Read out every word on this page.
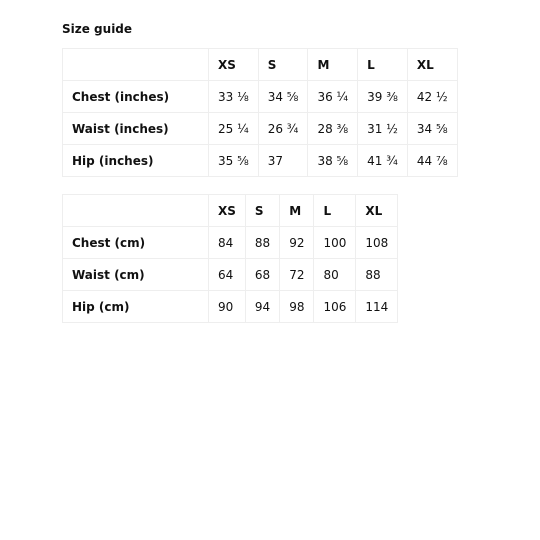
Size guide
	XS	S	M	L	XL
Chest (inches)	33 ⅛	34 ⅝	36 ¼	39 ⅜	42 ½
Waist (inches)	25 ¼	26 ¾	28 ⅜	31 ½	34 ⅝
Hip (inches)	35 ⅝	37	38 ⅝	41 ¾	44 ⅞
	XS	S	M	L	XL
Chest (cm)	84	88	92	100	108
Waist (cm)	64	68	72	80	88
Hip (cm)	90	94	98	106	114
